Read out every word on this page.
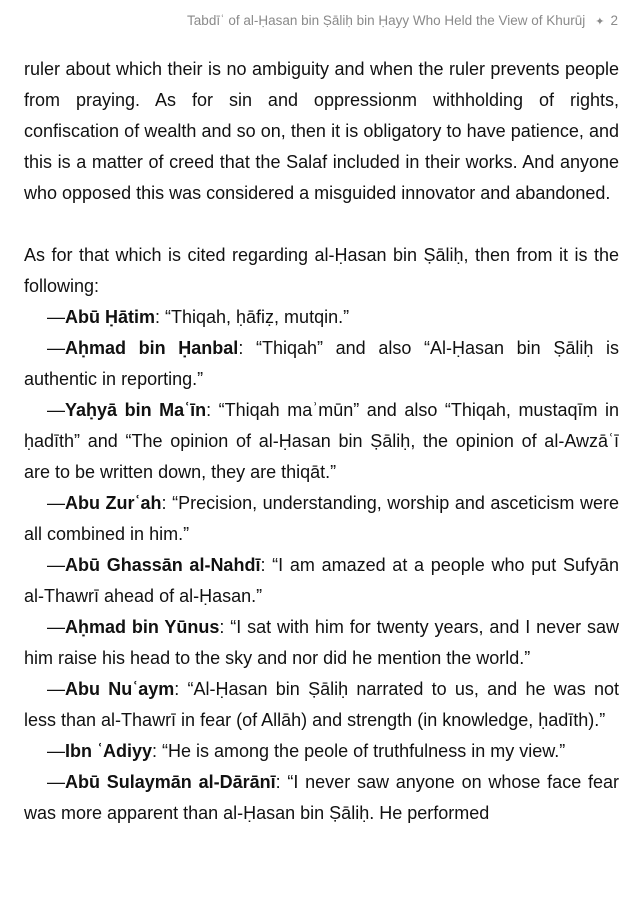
Tabdīʿ of al-Ḥasan bin Ṣāliḥ bin Ḥayy Who Held the View of Khurūj ✦ 2

ruler about which their is no ambiguity and when the ruler prevents people from praying. As for sin and oppressionm withholding of rights, confiscation of wealth and so on, then it is obligatory to have patience, and this is a matter of creed that the Salaf included in their works. And anyone who opposed this was considered a misguided innovator and abandoned.

As for that which is cited regarding al-Ḥasan bin Ṣāliḥ, then from it is the following:

—Abū Ḥātim: “Thiqah, ḥāfiẓ, mutqin.”

—Aḥmad bin Ḥanbal: “Thiqah” and also “Al-Ḥasan bin Ṣāliḥ is authentic in reporting.”

—Yaḥyā bin Maʿīn: “Thiqah maʾmūn” and also “Thiqah, mustaqīm in ḥadīth” and “The opinion of al-Ḥasan bin Ṣāliḥ, the opinion of al-Awzāʿī are to be written down, they are thiqāt.”

—Abu Zurʿah: “Precision, understanding, worship and asceticism were all combined in him.”

—Abū Ghassān al-Nahdī: “I am amazed at a people who put Sufyān al-Thawrī ahead of al-Ḥasan.”

—Aḥmad bin Yūnus: “I sat with him for twenty years, and I never saw him raise his head to the sky and nor did he mention the world.”

—Abu Nuʿaym: “Al-Ḥasan bin Ṣāliḥ narrated to us, and he was not less than al-Thawrī in fear (of Allāh) and strength (in knowledge, ḥadīth).”

—Ibn ʿAdiyy: “He is among the peole of truthfulness in my view.”

—Abū Sulaymān al-Dārānī: “I never saw anyone on whose face fear was more apparent than al-Ḥasan bin Ṣāliḥ. He performed
